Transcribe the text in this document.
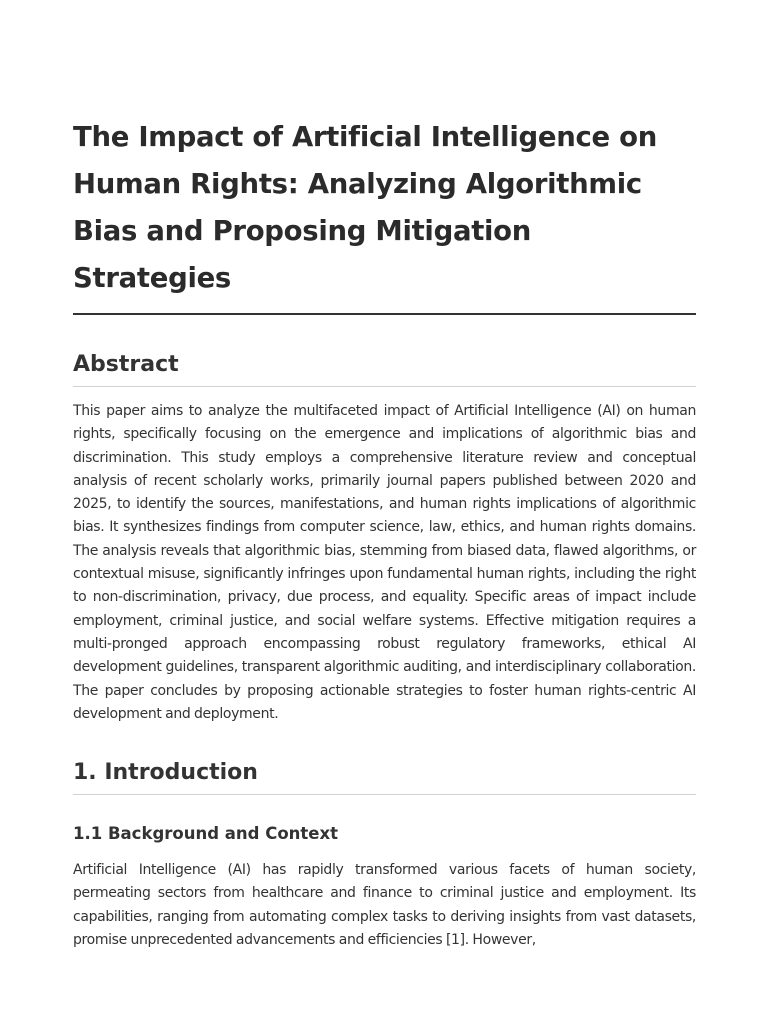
The Impact of Artificial Intelligence on Human Rights: Analyzing Algorithmic Bias and Proposing Mitigation Strategies
Abstract

This paper aims to analyze the multifaceted impact of Artificial Intelligence (AI) on human rights, specifically focusing on the emergence and implications of algorithmic bias and discrimination. This study employs a comprehensive literature review and conceptual analysis of recent scholarly works, primarily journal papers published between 2020 and 2025, to identify the sources, manifestations, and human rights implications of algorithmic bias. It synthesizes findings from computer science, law, ethics, and human rights domains. The analysis reveals that algorithmic bias, stemming from biased data, flawed algorithms, or contextual misuse, significantly infringes upon fundamental human rights, including the right to non-discrimination, privacy, due process, and equality. Specific areas of impact include employment, criminal justice, and social welfare systems. Effective mitigation requires a multi-pronged approach encompassing robust regulatory frameworks, ethical AI development guidelines, transparent algorithmic auditing, and interdisciplinary collaboration. The paper concludes by proposing actionable strategies to foster human rights-centric AI development and deployment.

1. Introduction
1.1 Background and Context

Artificial Intelligence (AI) has rapidly transformed various facets of human society, permeating sectors from healthcare and finance to criminal justice and employment. Its capabilities, ranging from automating complex tasks to deriving insights from vast datasets, promise unprecedented advancements and efficiencies [1]. However,
